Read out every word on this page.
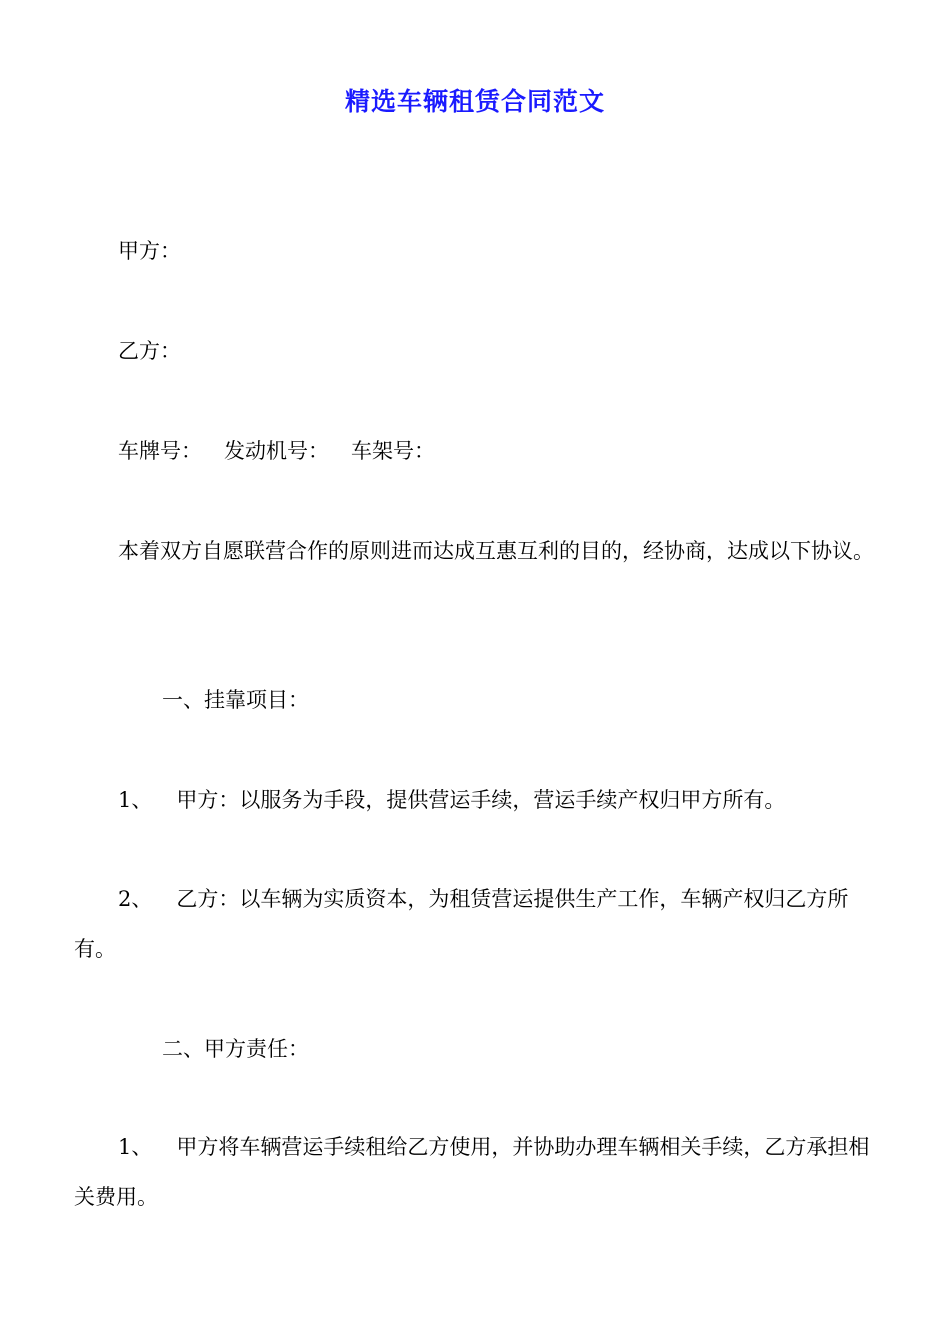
精选车辆租赁合同范文

甲方：

乙方：

车牌号： 发动机号： 车架号：

本着双方自愿联营合作的原则进而达成互惠互利的目的，经协商，达成以下协议。

一、挂靠项目：

1、 甲方：以服务为手段，提供营运手续，营运手续产权归甲方所有。

2、 乙方：以车辆为实质资本，为租赁营运提供生产工作，车辆产权归乙方所有。

二、甲方责任：

1、 甲方将车辆营运手续租给乙方使用，并协助办理车辆相关手续，乙方承担相关费用。
